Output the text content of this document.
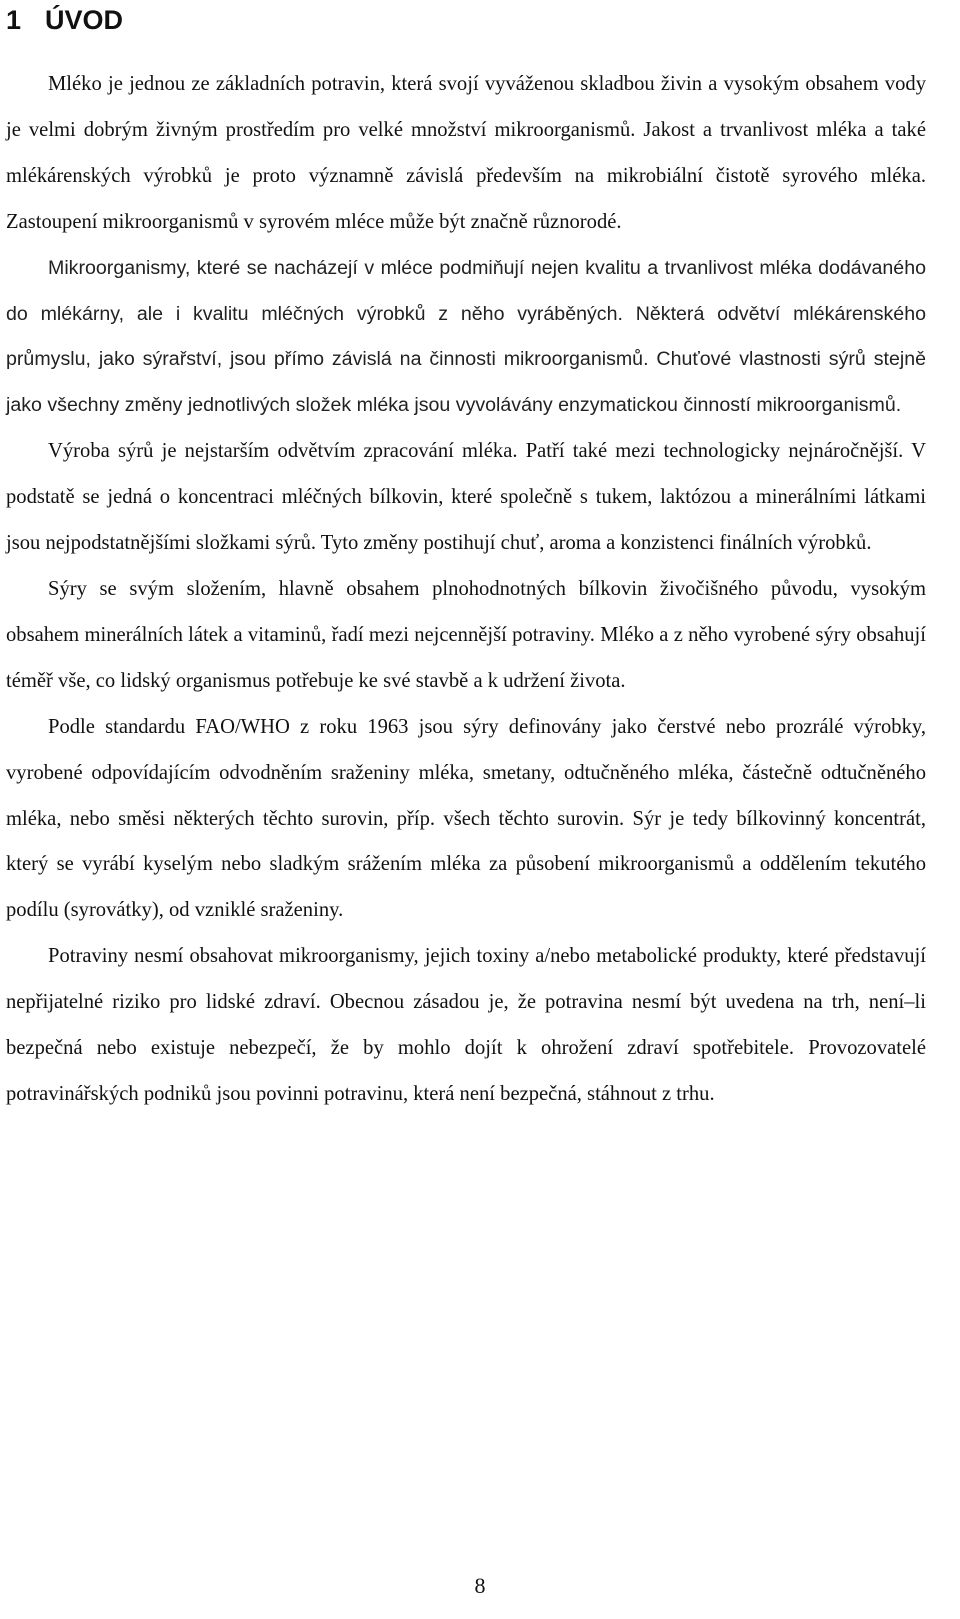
1 ÚVOD

Mléko je jednou ze základních potravin, která svojí vyváženou skladbou živin a vysokým obsahem vody je velmi dobrým živným prostředím pro velké množství mikroorganismů. Jakost a trvanlivost mléka a také mlékárenských výrobků je proto významně závislá především na mikrobiální čistotě syrového mléka. Zastoupení mikroorganismů v syrovém mléce může být značně různorodé.

Mikroorganismy, které se nacházejí v mléce podmiňují nejen kvalitu a trvanlivost mléka dodávaného do mlékárny, ale i kvalitu mléčných výrobků z něho vyráběných. Některá odvětví mlékárenského průmyslu, jako sýrařství, jsou přímo závislá na činnosti mikroorganismů. Chuťové vlastnosti sýrů stejně jako všechny změny jednotlivých složek mléka jsou vyvolávány enzymatickou činností mikroorganismů.

Výroba sýrů je nejstarším odvětvím zpracování mléka. Patří také mezi technologicky nejnáročnější. V podstatě se jedná o koncentraci mléčných bílkovin, které společně s tukem, laktózou a minerálními látkami jsou nejpodstatnějšími složkami sýrů. Tyto změny postihují chuť, aroma a konzistenci finálních výrobků.

Sýry se svým složením, hlavně obsahem plnohodnotných bílkovin živočišného původu, vysokým obsahem minerálních látek a vitaminů, řadí mezi nejcennější potraviny. Mléko a z něho vyrobené sýry obsahují téměř vše, co lidský organismus potřebuje ke své stavbě a k udržení života.

Podle standardu FAO/WHO z roku 1963 jsou sýry definovány jako čerstvé nebo prozrálé výrobky, vyrobené odpovídajícím odvodněním sraženiny mléka, smetany, odtučněného mléka, částečně odtučněného mléka, nebo směsi některých těchto surovin, příp. všech těchto surovin. Sýr je tedy bílkovinný koncentrát, který se vyrábí kyselým nebo sladkým srážením mléka za působení mikroorganismů a oddělením tekutého podílu (syrovátky), od vzniklé sraženiny.

Potraviny nesmí obsahovat mikroorganismy, jejich toxiny a/nebo metabolické produkty, které představují nepřijatelné riziko pro lidské zdraví. Obecnou zásadou je, že potravina nesmí být uvedena na trh, není–li bezpečná nebo existuje nebezpečí, že by mohlo dojít k ohrožení zdraví spotřebitele. Provozovatelé potravinářských podniků jsou povinni potravinu, která není bezpečná, stáhnout z trhu.

8
